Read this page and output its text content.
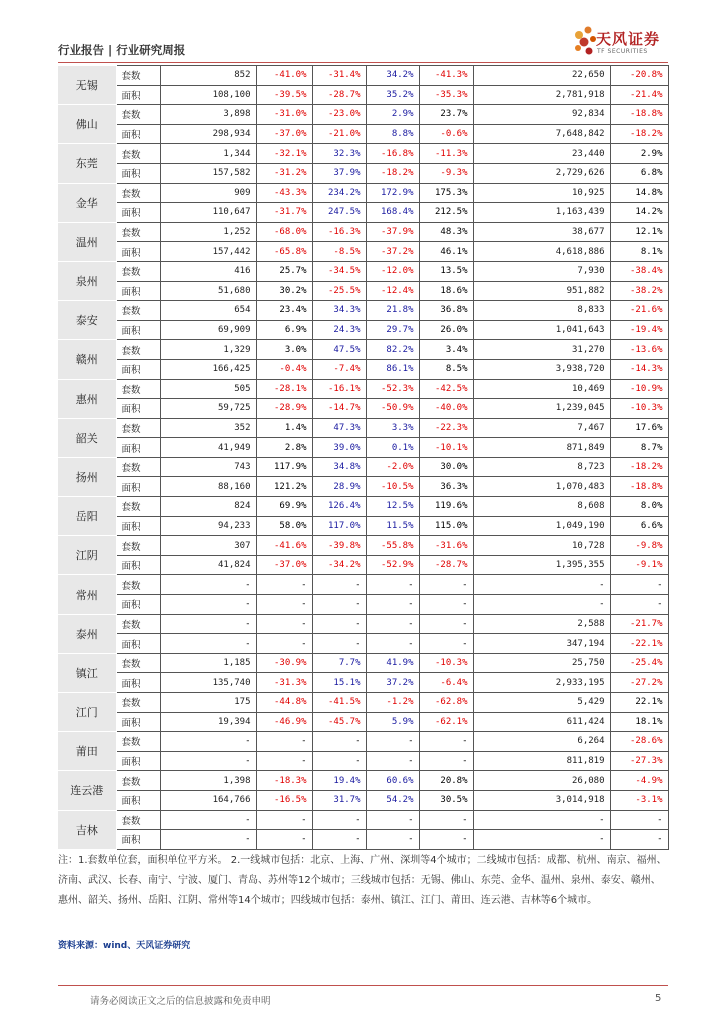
行业报告 | 行业研究周报
天风证券
TF SECURITIES
无锡	套数	852	-41.0%	-31.4%	34.2%	-41.3%	22,650	-20.8%
	面积	108,100	-39.5%	-28.7%	35.2%	-35.3%	2,781,918	-21.4%
佛山	套数	3,898	-31.0%	-23.0%	2.9%	23.7%	92,834	-18.8%
	面积	298,934	-37.0%	-21.0%	8.8%	-0.6%	7,648,842	-18.2%
东莞	套数	1,344	-32.1%	32.3%	-16.8%	-11.3%	23,440	2.9%
	面积	157,582	-31.2%	37.9%	-18.2%	-9.3%	2,729,626	6.8%
金华	套数	909	-43.3%	234.2%	172.9%	175.3%	10,925	14.8%
	面积	110,647	-31.7%	247.5%	168.4%	212.5%	1,163,439	14.2%
温州	套数	1,252	-68.0%	-16.3%	-37.9%	48.3%	38,677	12.1%
	面积	157,442	-65.8%	-8.5%	-37.2%	46.1%	4,618,886	8.1%
泉州	套数	416	25.7%	-34.5%	-12.0%	13.5%	7,930	-38.4%
	面积	51,680	30.2%	-25.5%	-12.4%	18.6%	951,882	-38.2%
泰安	套数	654	23.4%	34.3%	21.8%	36.8%	8,833	-21.6%
	面积	69,909	6.9%	24.3%	29.7%	26.0%	1,041,643	-19.4%
赣州	套数	1,329	3.0%	47.5%	82.2%	3.4%	31,270	-13.6%
	面积	166,425	-0.4%	-7.4%	86.1%	8.5%	3,938,720	-14.3%
惠州	套数	505	-28.1%	-16.1%	-52.3%	-42.5%	10,469	-10.9%
	面积	59,725	-28.9%	-14.7%	-50.9%	-40.0%	1,239,045	-10.3%
韶关	套数	352	1.4%	47.3%	3.3%	-22.3%	7,467	17.6%
	面积	41,949	2.8%	39.0%	0.1%	-10.1%	871,849	8.7%
扬州	套数	743	117.9%	34.8%	-2.0%	30.0%	8,723	-18.2%
	面积	88,160	121.2%	28.9%	-10.5%	36.3%	1,070,483	-18.8%
岳阳	套数	824	69.9%	126.4%	12.5%	119.6%	8,608	8.0%
	面积	94,233	58.0%	117.0%	11.5%	115.0%	1,049,190	6.6%
江阴	套数	307	-41.6%	-39.8%	-55.8%	-31.6%	10,728	-9.8%
	面积	41,824	-37.0%	-34.2%	-52.9%	-28.7%	1,395,355	-9.1%
常州	套数	-	-	-	-	-	-	-
	面积	-	-	-	-	-	-	-
泰州	套数	-	-	-	-	-	2,588	-21.7%
	面积	-	-	-	-	-	347,194	-22.1%
镇江	套数	1,185	-30.9%	7.7%	41.9%	-10.3%	25,750	-25.4%
	面积	135,740	-31.3%	15.1%	37.2%	-6.4%	2,933,195	-27.2%
江门	套数	175	-44.8%	-41.5%	-1.2%	-62.8%	5,429	22.1%
	面积	19,394	-46.9%	-45.7%	5.9%	-62.1%	611,424	18.1%
莆田	套数	-	-	-	-	-	6,264	-28.6%
	面积	-	-	-	-	-	811,819	-27.3%
连云港	套数	1,398	-18.3%	19.4%	60.6%	20.8%	26,080	-4.9%
	面积	164,766	-16.5%	31.7%	54.2%	30.5%	3,014,918	-3.1%
吉林	套数	-	-	-	-	-	-	-
	面积	-	-	-	-	-	-	-
注：1.套数单位套，面积单位平方米。 2.一线城市包括：北京、上海、广州、深圳等4个城市；二线城市包括：成都、杭州、南京、福州、济南、武汉、长春、南宁、宁波、厦门、青岛、苏州等12个城市；三线城市包括：无锡、佛山、东莞、金华、温州、泉州、泰安、赣州、惠州、韶关、扬州、岳阳、江阴、常州等14个城市；四线城市包括：泰州、镇江、江门、莆田、连云港、吉林等6个城市。
资料来源：wind、天风证券研究
请务必阅读正文之后的信息披露和免责申明	5
